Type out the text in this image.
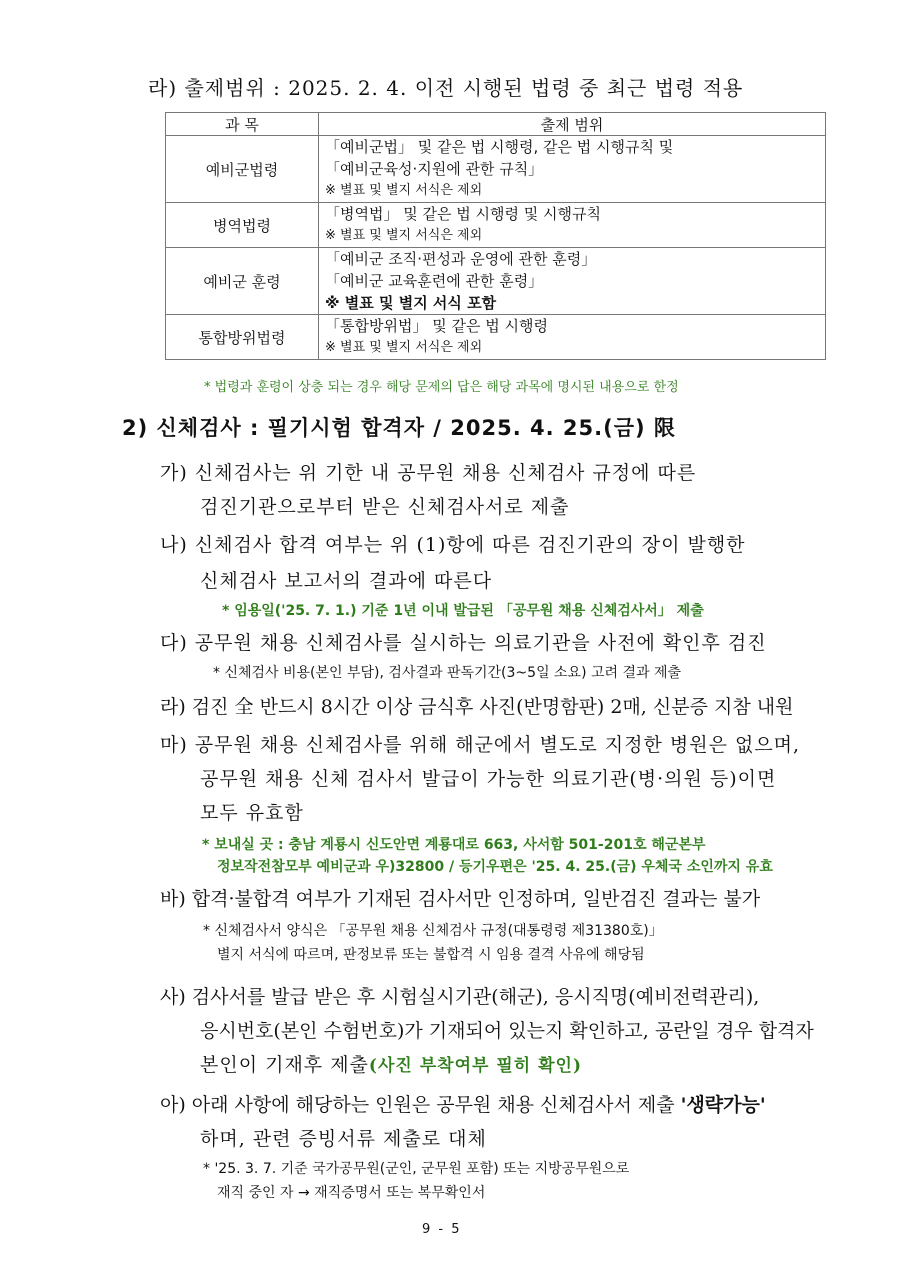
라) 출제범위 : 2025. 2. 4. 이전 시행된 법령 중 최근 법령 적용
과 목	출제 범위
예비군법령	「예비군법」 및 같은 법 시행령, 같은 법 시행규칙 및
「예비군육성·지원에 관한 규칙」
※ 별표 및 별지 서식은 제외

병역법령	「병역법」 및 같은 법 시행령 및 시행규칙
※ 별표 및 별지 서식은 제외

예비군 훈령	「예비군 조직·편성과 운영에 관한 훈령」
「예비군 교육훈련에 관한 훈령」
※ 별표 및 별지 서식 포함

통합방위법령	「통합방위법」 및 같은 법 시행령
※ 별표 및 별지 서식은 제외
* 법령과 훈령이 상충 되는 경우 해당 문제의 답은 해당 과목에 명시된 내용으로 한정
2) 신체검사 : 필기시험 합격자 / 2025. 4. 25.(금) 限
가) 신체검사는 위 기한 내 공무원 채용 신체검사 규정에 따른
검진기관으로부터 받은 신체검사서로 제출
나) 신체검사 합격 여부는 위 (1)항에 따른 검진기관의 장이 발행한
신체검사 보고서의 결과에 따른다
* 임용일('25. 7. 1.) 기준 1년 이내 발급된 「공무원 채용 신체검사서」 제출
다) 공무원 채용 신체검사를 실시하는 의료기관을 사전에 확인후 검진
* 신체검사 비용(본인 부담), 검사결과 판독기간(3~5일 소요) 고려 결과 제출
라) 검진 全 반드시 8시간 이상 금식후 사진(반명함판) 2매, 신분증 지참 내원
마) 공무원 채용 신체검사를 위해 해군에서 별도로 지정한 병원은 없으며,
공무원 채용 신체 검사서 발급이 가능한 의료기관(병·의원 등)이면
모두 유효함
* 보내실 곳 : 충남 계룡시 신도안면 계룡대로 663, 사서함 501-201호 해군본부
정보작전참모부 예비군과 우)32800 / 등기우편은 '25. 4. 25.(금) 우체국 소인까지 유효
바) 합격·불합격 여부가 기재된 검사서만 인정하며, 일반검진 결과는 불가
* 신체검사서 양식은 「공무원 채용 신체검사 규정(대통령령 제31380호)」
별지 서식에 따르며, 판정보류 또는 불합격 시 임용 결격 사유에 해당됨
사) 검사서를 발급 받은 후 시험실시기관(해군), 응시직명(예비전력관리),
응시번호(본인 수험번호)가 기재되어 있는지 확인하고, 공란일 경우 합격자
본인이 기재후 제출(사진 부착여부 필히 확인)
아) 아래 사항에 해당하는 인원은 공무원 채용 신체검사서 제출 '생략가능'
하며, 관련 증빙서류 제출로 대체
* '25. 3. 7. 기준 국가공무원(군인, 군무원 포함) 또는 지방공무원으로
재직 중인 자 → 재직증명서 또는 복무확인서
9 - 5
